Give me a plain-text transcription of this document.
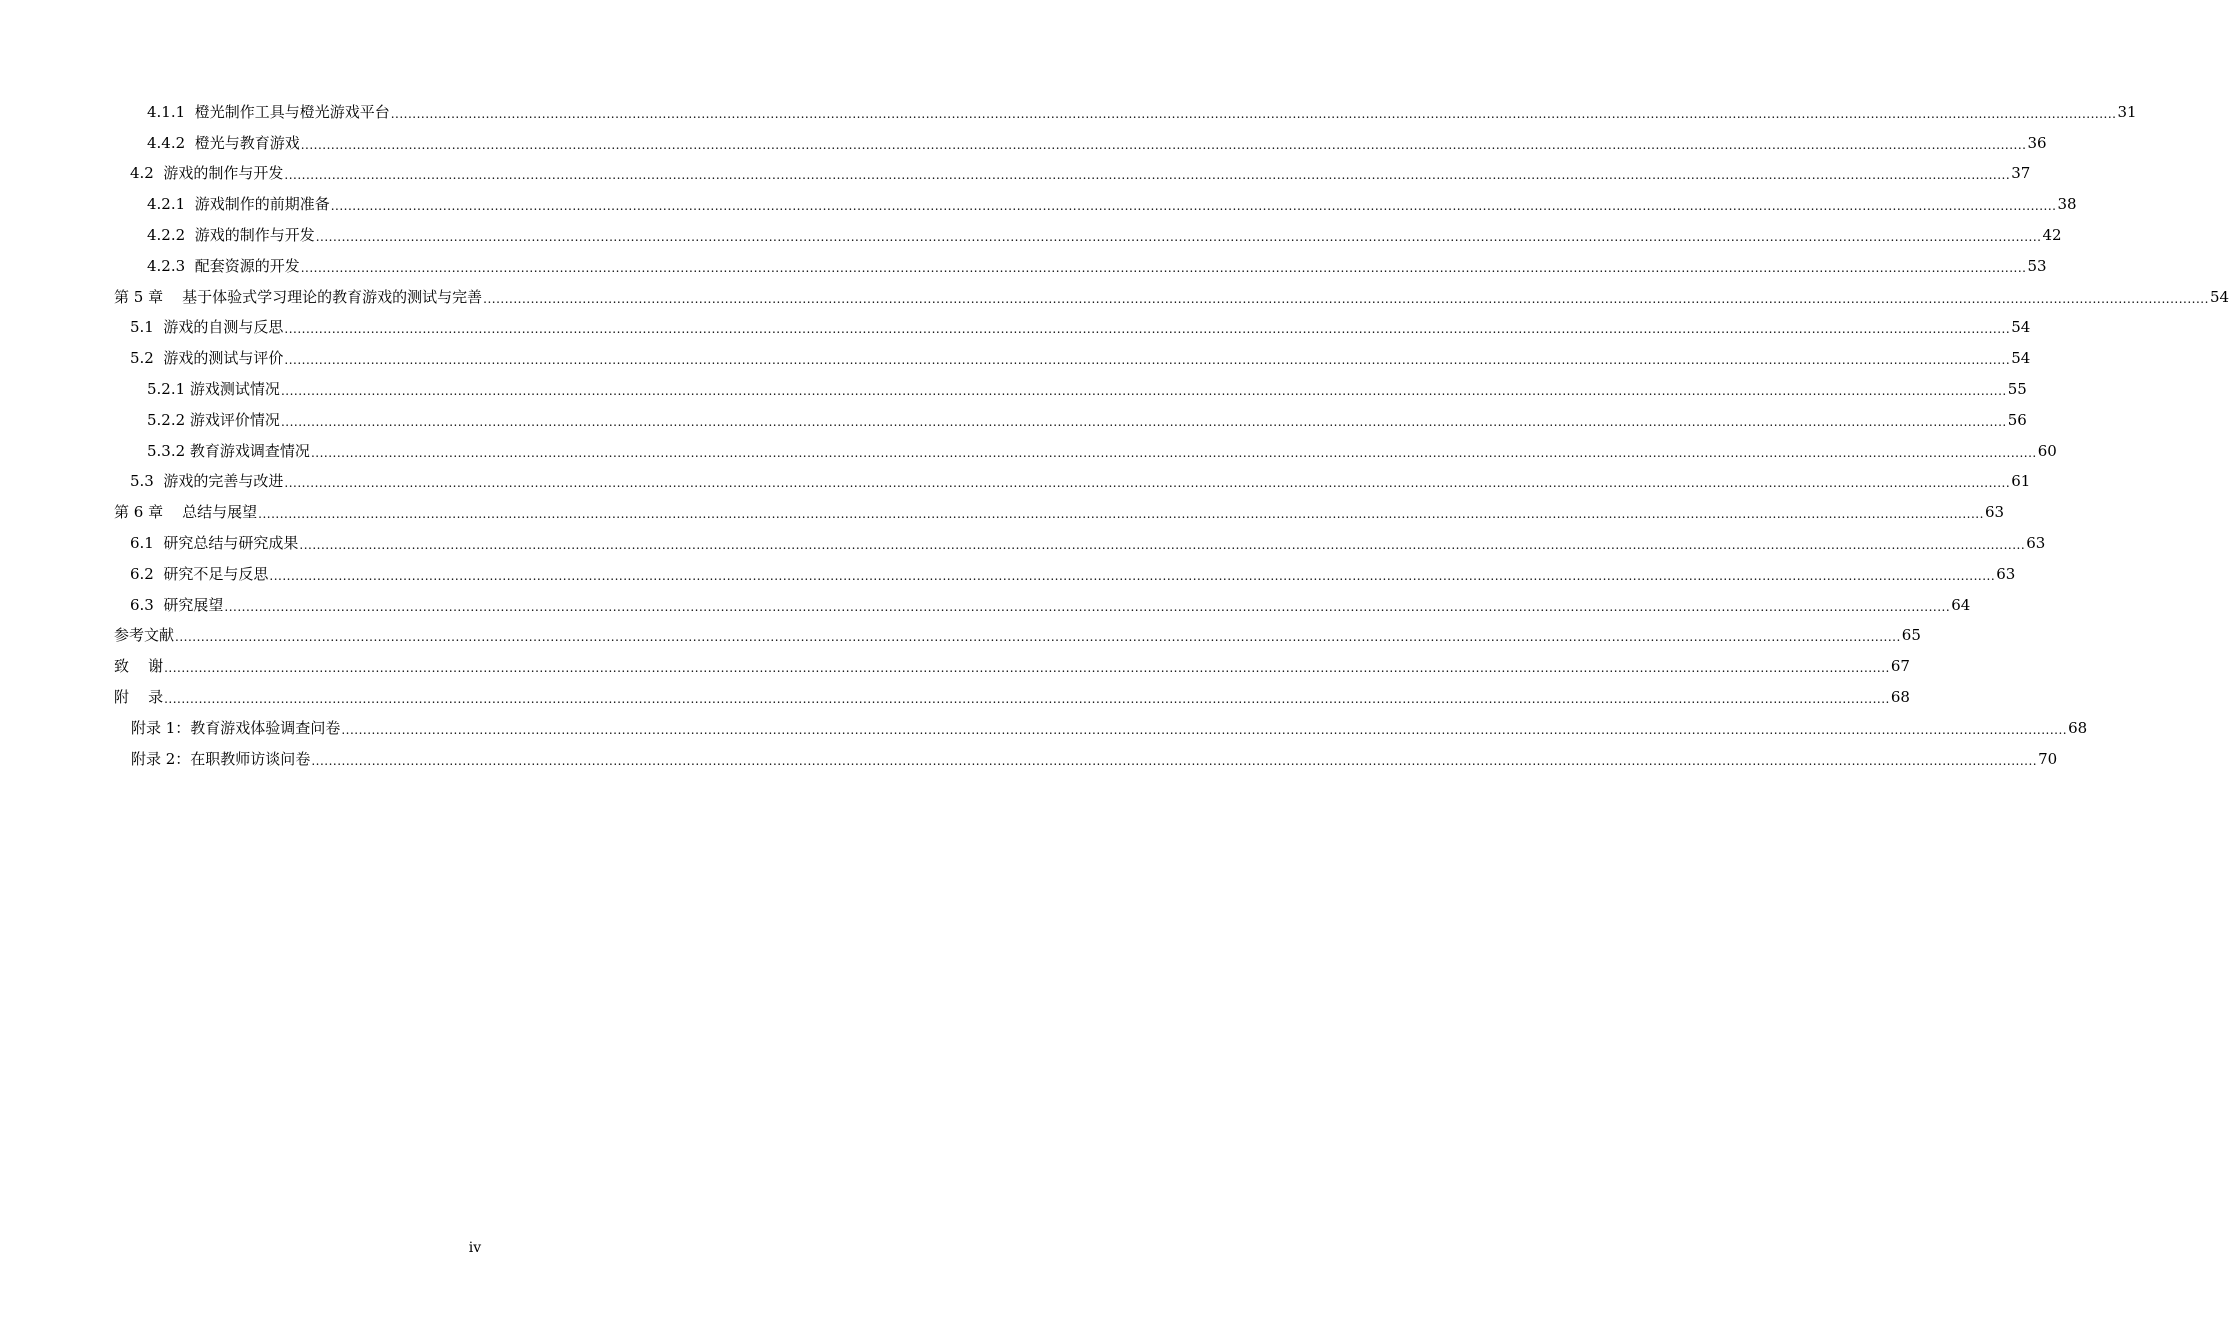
4.1.1  橙光制作工具与橙光游戏平台 ................................................................................................................................................................................................................................................................................................................................................................................................................ 31
4.4.2  橙光与教育游戏 ................................................................................................................................................................................................................................................................................................................................................................................................................ 36
4.2  游戏的制作与开发 ................................................................................................................................................................................................................................................................................................................................................................................................................ 37
4.2.1  游戏制作的前期准备 ................................................................................................................................................................................................................................................................................................................................................................................................................ 38
4.2.2  游戏的制作与开发 ................................................................................................................................................................................................................................................................................................................................................................................................................ 42
4.2.3  配套资源的开发 ................................................................................................................................................................................................................................................................................................................................................................................................................ 53
第 5 章    基于体验式学习理论的教育游戏的测试与完善 ................................................................................................................................................................................................................................................................................................................................................................................................................ 54
5.1  游戏的自测与反思 ................................................................................................................................................................................................................................................................................................................................................................................................................ 54
5.2  游戏的测试与评价 ................................................................................................................................................................................................................................................................................................................................................................................................................ 54
5.2.1 游戏测试情况 ................................................................................................................................................................................................................................................................................................................................................................................................................ 55
5.2.2 游戏评价情况 ................................................................................................................................................................................................................................................................................................................................................................................................................ 56
5.3.2 教育游戏调查情况 ................................................................................................................................................................................................................................................................................................................................................................................................................ 60
5.3  游戏的完善与改进 ................................................................................................................................................................................................................................................................................................................................................................................................................ 61
第 6 章    总结与展望 ................................................................................................................................................................................................................................................................................................................................................................................................................ 63
6.1  研究总结与研究成果 ................................................................................................................................................................................................................................................................................................................................................................................................................ 63
6.2  研究不足与反思 ................................................................................................................................................................................................................................................................................................................................................................................................................ 63
6.3  研究展望 ................................................................................................................................................................................................................................................................................................................................................................................................................ 64
参考文献 ................................................................................................................................................................................................................................................................................................................................................................................................................ 65
致    谢 ................................................................................................................................................................................................................................................................................................................................................................................................................ 67
附    录 ................................................................................................................................................................................................................................................................................................................................................................................................................ 68
附录 1：教育游戏体验调查问卷 ................................................................................................................................................................................................................................................................................................................................................................................................................ 68
附录 2：在职教师访谈问卷 ................................................................................................................................................................................................................................................................................................................................................................................................................ 70
iv
